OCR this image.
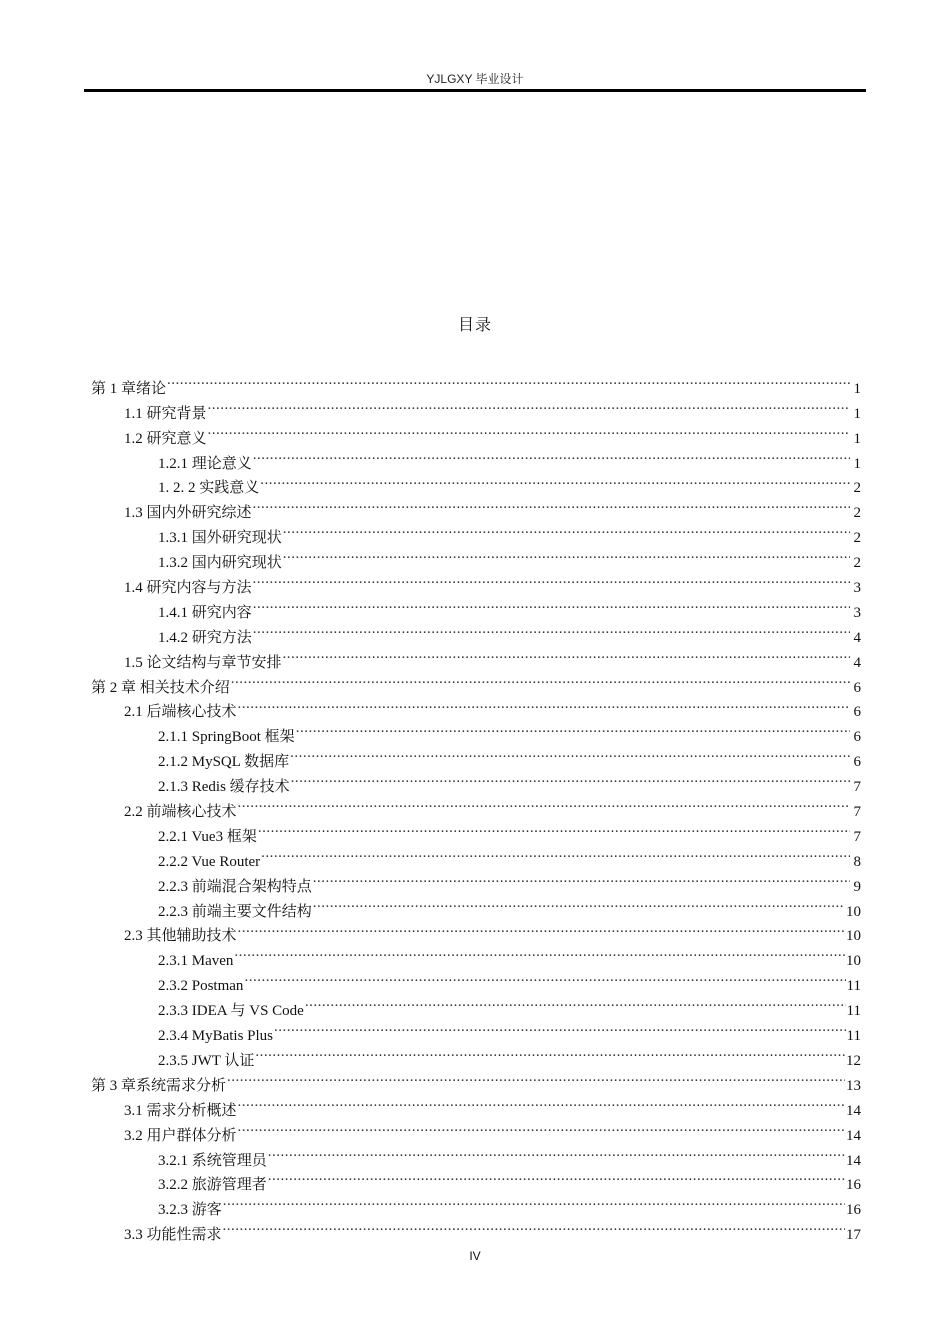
YJLGXY 毕业设计
目录
第 1 章绪论 .....	1
1.1 研究背景 .....	1
1.2 研究意义 .....	1
1.2.1 理论意义 .....	1
1. 2. 2 实践意义 .....	2
1.3 国内外研究综述 .....	2
1.3.1 国外研究现状 .....	2
1.3.2 国内研究现状 .....	2
1.4 研究内容与方法 .....	3
1.4.1 研究内容 .....	3
1.4.2 研究方法 .....	4
1.5 论文结构与章节安排 .....	4
第 2 章 相关技术介绍 .....	6
2.1 后端核心技术 .....	6
2.1.1 SpringBoot 框架 .....	6
2.1.2 MySQL 数据库 .....	6
2.1.3 Redis 缓存技术 .....	7
2.2 前端核心技术 .....	7
2.2.1 Vue3 框架 .....	7
2.2.2 Vue Router .....	8
2.2.3 前端混合架构特点 .....	9
2.2.3 前端主要文件结构 .....	10
2.3 其他辅助技术 .....	10
2.3.1 Maven .....	10
2.3.2 Postman .....	11
2.3.3 IDEA 与 VS Code .....	11
2.3.4 MyBatis Plus .....	11
2.3.5 JWT 认证 .....	12
第 3 章系统需求分析 .....	13
3.1 需求分析概述 .....	14
3.2 用户群体分析 .....	14
3.2.1 系统管理员 .....	14
3.2.2 旅游管理者 .....	16
3.2.3 游客 .....	16
3.3 功能性需求 .....	17
IV
